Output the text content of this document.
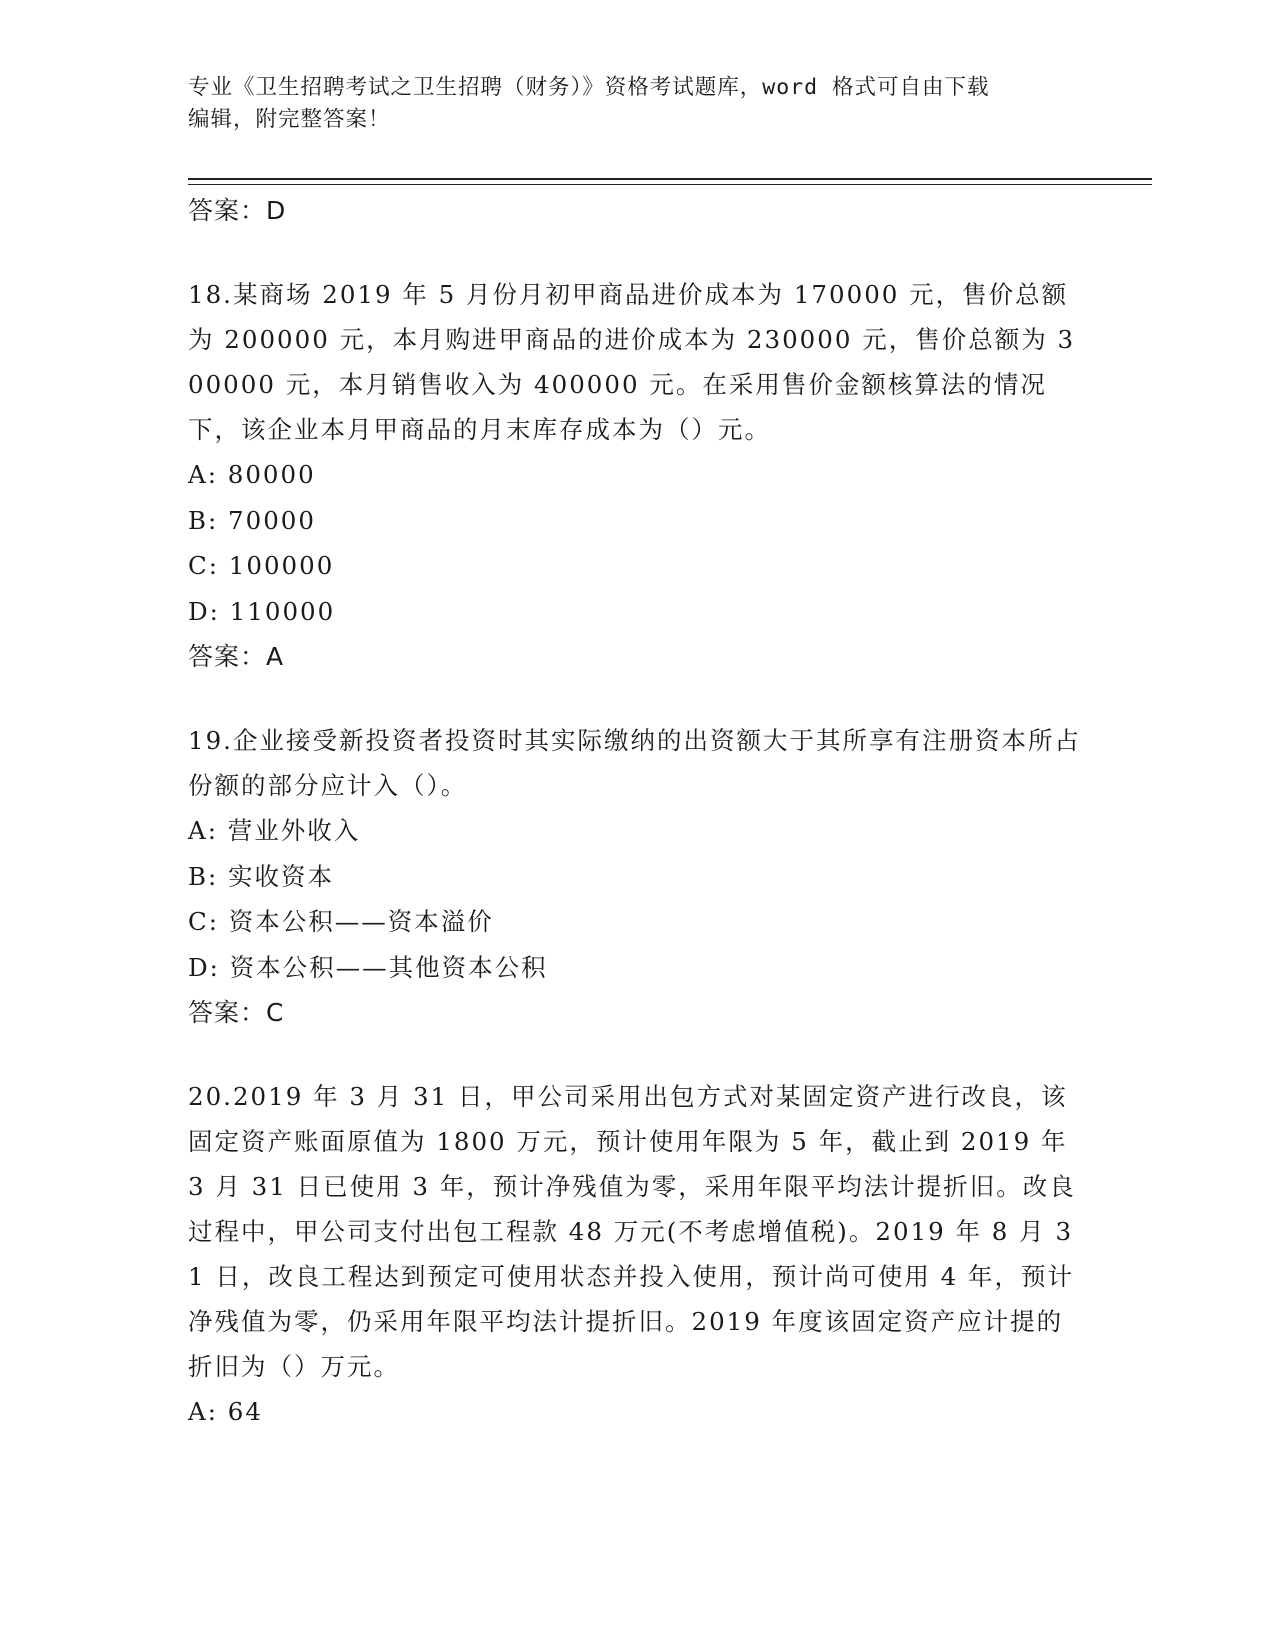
专业《卫生招聘考试之卫生招聘（财务）》资格考试题库，word 格式可自由下载
编辑，附完整答案！
答案：D
18.某商场 2019 年 5 月份月初甲商品进价成本为 170000 元，售价总额为 200000 元，本月购进甲商品的进价成本为 230000 元，售价总额为 300000 元，本月销售收入为 400000 元。在采用售价金额核算法的情况下，该企业本月甲商品的月末库存成本为（）元。
A: 80000
B: 70000
C: 100000
D: 110000
答案：A
19.企业接受新投资者投资时其实际缴纳的出资额大于其所享有注册资本所占份额的部分应计入（）。
A: 营业外收入
B: 实收资本
C: 资本公积——资本溢价
D: 资本公积——其他资本公积
答案：C
20.2019 年 3 月 31 日，甲公司采用出包方式对某固定资产进行改良，该固定资产账面原值为 1800 万元，预计使用年限为 5 年，截止到 2019 年 3 月 31 日已使用 3 年，预计净残值为零，采用年限平均法计提折旧。改良过程中，甲公司支付出包工程款 48 万元(不考虑增值税)。2019 年 8 月 31 日，改良工程达到预定可使用状态并投入使用，预计尚可使用 4 年，预计净残值为零，仍采用年限平均法计提折旧。2019 年度该固定资产应计提的折旧为（）万元。
A: 64
